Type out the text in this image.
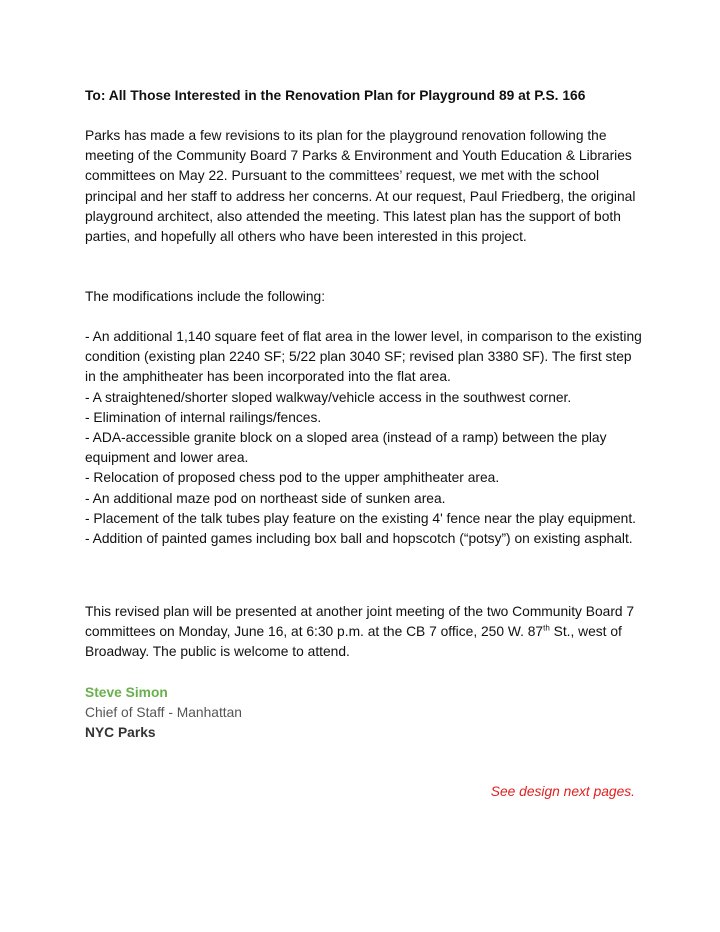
To: All Those Interested in the Renovation Plan for Playground 89 at P.S. 166
Parks has made a few revisions to its plan for the playground renovation following the meeting of the Community Board 7 Parks & Environment and Youth Education & Libraries committees on May 22. Pursuant to the committees’ request, we met with the school principal and her staff to address her concerns. At our request, Paul Friedberg, the original playground architect, also attended the meeting. This latest plan has the support of both parties, and hopefully all others who have been interested in this project.
The modifications include the following:
- An additional 1,140 square feet of flat area in the lower level, in comparison to the existing condition (existing plan 2240 SF; 5/22 plan 3040 SF; revised plan 3380 SF). The first step in the amphitheater has been incorporated into the flat area.
- A straightened/shorter sloped walkway/vehicle access in the southwest corner.
- Elimination of internal railings/fences.
- ADA-accessible granite block on a sloped area (instead of a ramp) between the play equipment and lower area.
- Relocation of proposed chess pod to the upper amphitheater area.
- An additional maze pod on northeast side of sunken area.
- Placement of the talk tubes play feature on the existing 4' fence near the play equipment.
- Addition of painted games including box ball and hopscotch (“potsy”) on existing asphalt.
This revised plan will be presented at another joint meeting of the two Community Board 7 committees on Monday, June 16, at 6:30 p.m. at the CB 7 office, 250 W. 87th St., west of Broadway. The public is welcome to attend.
Steve Simon
Chief of Staff - Manhattan
NYC Parks
See design next pages.
